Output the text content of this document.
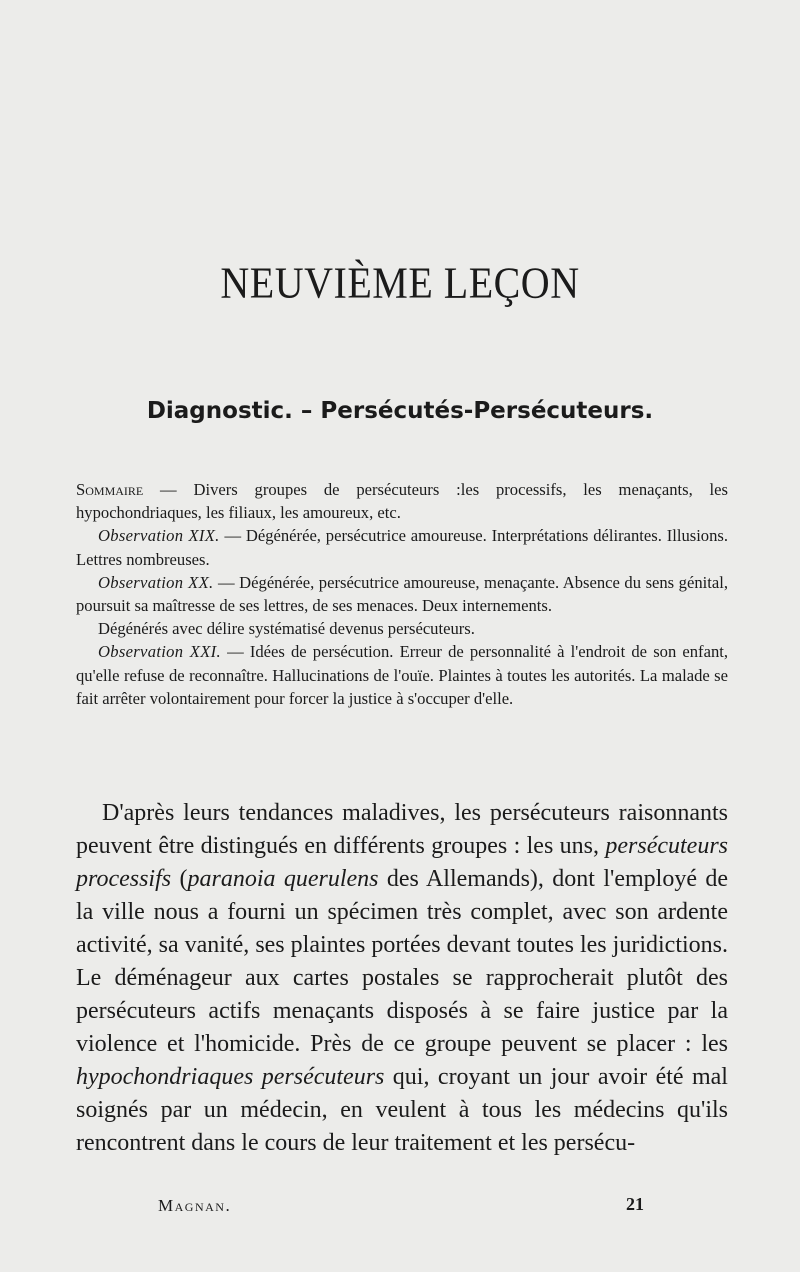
NEUVIÈME LEÇON
Diagnostic. – Persécutés-Persécuteurs.

Sommaire — Divers groupes de persécuteurs :les processifs, les menaçants, les hypochondriaques, les filiaux, les amoureux, etc.

Observation XIX. — Dégénérée, persécutrice amoureuse. Interprétations délirantes. Illusions. Lettres nombreuses.

Observation XX. — Dégénérée, persécutrice amoureuse, menaçante. Absence du sens génital, poursuit sa maîtresse de ses lettres, de ses menaces. Deux internements.

Dégénérés avec délire systématisé devenus persécuteurs.

Observation XXI. — Idées de persécution. Erreur de personnalité à l'endroit de son enfant, qu'elle refuse de reconnaître. Hallucinations de l'ouïe. Plaintes à toutes les autorités. La malade se fait arrêter volontairement pour forcer la justice à s'occuper d'elle.

D'après leurs tendances maladives, les persécuteurs raisonnants peuvent être distingués en différents groupes : les uns, persécuteurs processifs (paranoia querulens des Allemands), dont l'employé de la ville nous a fourni un spécimen très complet, avec son ardente activité, sa vanité, ses plaintes portées devant toutes les juridictions. Le déménageur aux cartes postales se rapprocherait plutôt des persécuteurs actifs menaçants disposés à se faire justice par la violence et l'homicide. Près de ce groupe peuvent se placer : les hypochondriaques persécuteurs qui, croyant un jour avoir été mal soignés par un médecin, en veulent à tous les médecins qu'ils rencontrent dans le cours de leur traitement et les persécu-

Magnan.	21
